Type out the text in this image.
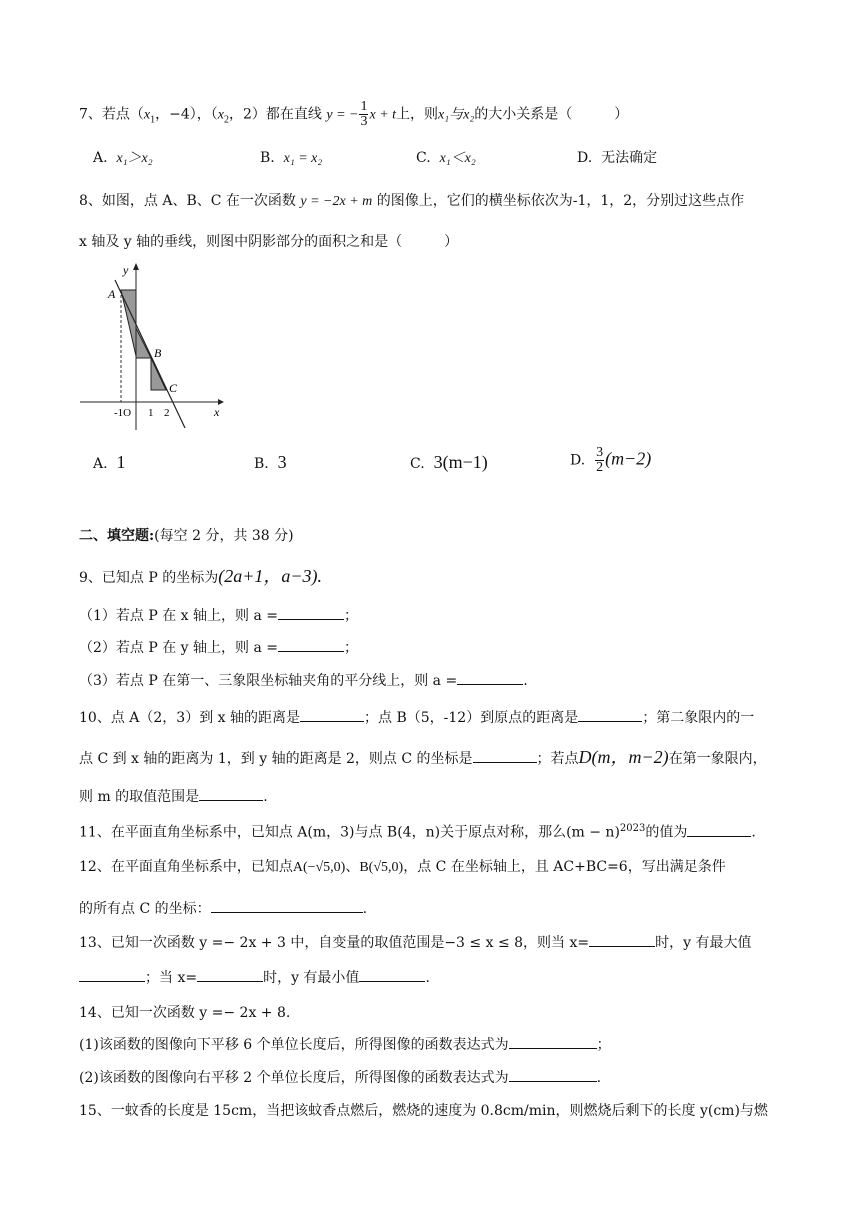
7、若点（$x_1$，−4），（$x_2$，2）都在直线 y = − $\frac{1}{3}$ x + t上，则x₁与x₂的大小关系是（　　　）
A. x₁＞x₂	B. x₁ = x₂	C. x₁＜x₂	D. 无法确定
8、如图，点 A、B、C 在一次函数 y = −2x + m 的图像上，它们的横坐标依次为-1，1，2，分别过这些点作
x 轴及 y 轴的垂线，则图中阴影部分的面积之和是（　　　）
y
x
A
B
C
-1O 1 2
A. 1	B. 3	C. 3(m−1)	D. $\frac{3}{2} (m-2)$
二、填空题:(每空 2 分，共 38 分)
9、已知点 P 的坐标为(2a+1，a−3).
（1）若点 P 在 x 轴上，则 a =	；
（2）若点 P 在 y 轴上，则 a =	；
（3）若点 P 在第一、三象限坐标轴夹角的平分线上，则 a =	.
10、点 A（2，3）到 x 轴的距离是	；点 B（5，-12）到原点的距离是	；第二象限内的一
点 C 到 x 轴的距离为 1，到 y 轴的距离是 2，则点 C 的坐标是	；若点D(m，m−2)在第一象限内，
则 m 的取值范围是	.
11、在平面直角坐标系中，已知点 A(m，3)与点 B(4，n)关于原点对称，那么$(m - n)^{2023}$的值为	.
12、在平面直角坐标系中，已知点A(−√5,0)、B(√5,0)，点 C 在坐标轴上，且 AC+BC=6，写出满足条件
的所有点 C 的坐标：	.
13、已知一次函数 y =− 2x + 3 中，自变量的取值范围是−3 ≤ x ≤ 8，则当 x=	时，y 有最大值
；当 x=	时，y 有最小值	.
14、已知一次函数 y =− 2x + 8.
(1)该函数的图像向下平移 6 个单位长度后，所得图像的函数表达式为	；
(2)该函数的图像向右平移 2 个单位长度后，所得图像的函数表达式为	.
15、一蚊香的长度是 15cm，当把该蚊香点燃后，燃烧的速度为 0.8cm/min，则燃烧后剩下的长度 y(cm)与燃
